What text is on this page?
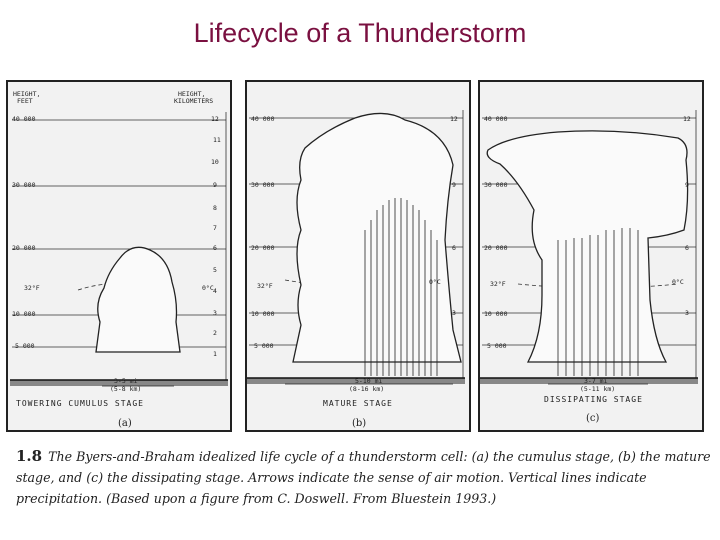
Lifecycle of a Thunderstorm
HEIGHT,
FEET
HEIGHT,
KILOMETERS
40 000
30 000
20 000
32°F
10 000
5 000
0°C
12
11
10
9
8
7
6
5
4
3
2
1
3-5 mi
(5-8 km)
TOWERING CUMULUS STAGE
40 000
30 000
20 000
32°F
10 000
5 000
0°C
12
9
6
3
5-10 mi
(8-16 km)
MATURE STAGE
40 000
30 000
20 000
32°F
10 000
5 000
0°C
12
9
6
3
3-7 mi
(5-11 km)
DISSIPATING STAGE
(a)	(b)	(c)
1.8 The Byers-and-Braham idealized life cycle of a thunderstorm cell: (a) the cumulus stage, (b) the mature stage, and (c) the dissipating stage. Arrows indicate the sense of air motion. Vertical lines indicate precipitation. (Based upon a figure from C. Doswell. From Bluestein 1993.)
